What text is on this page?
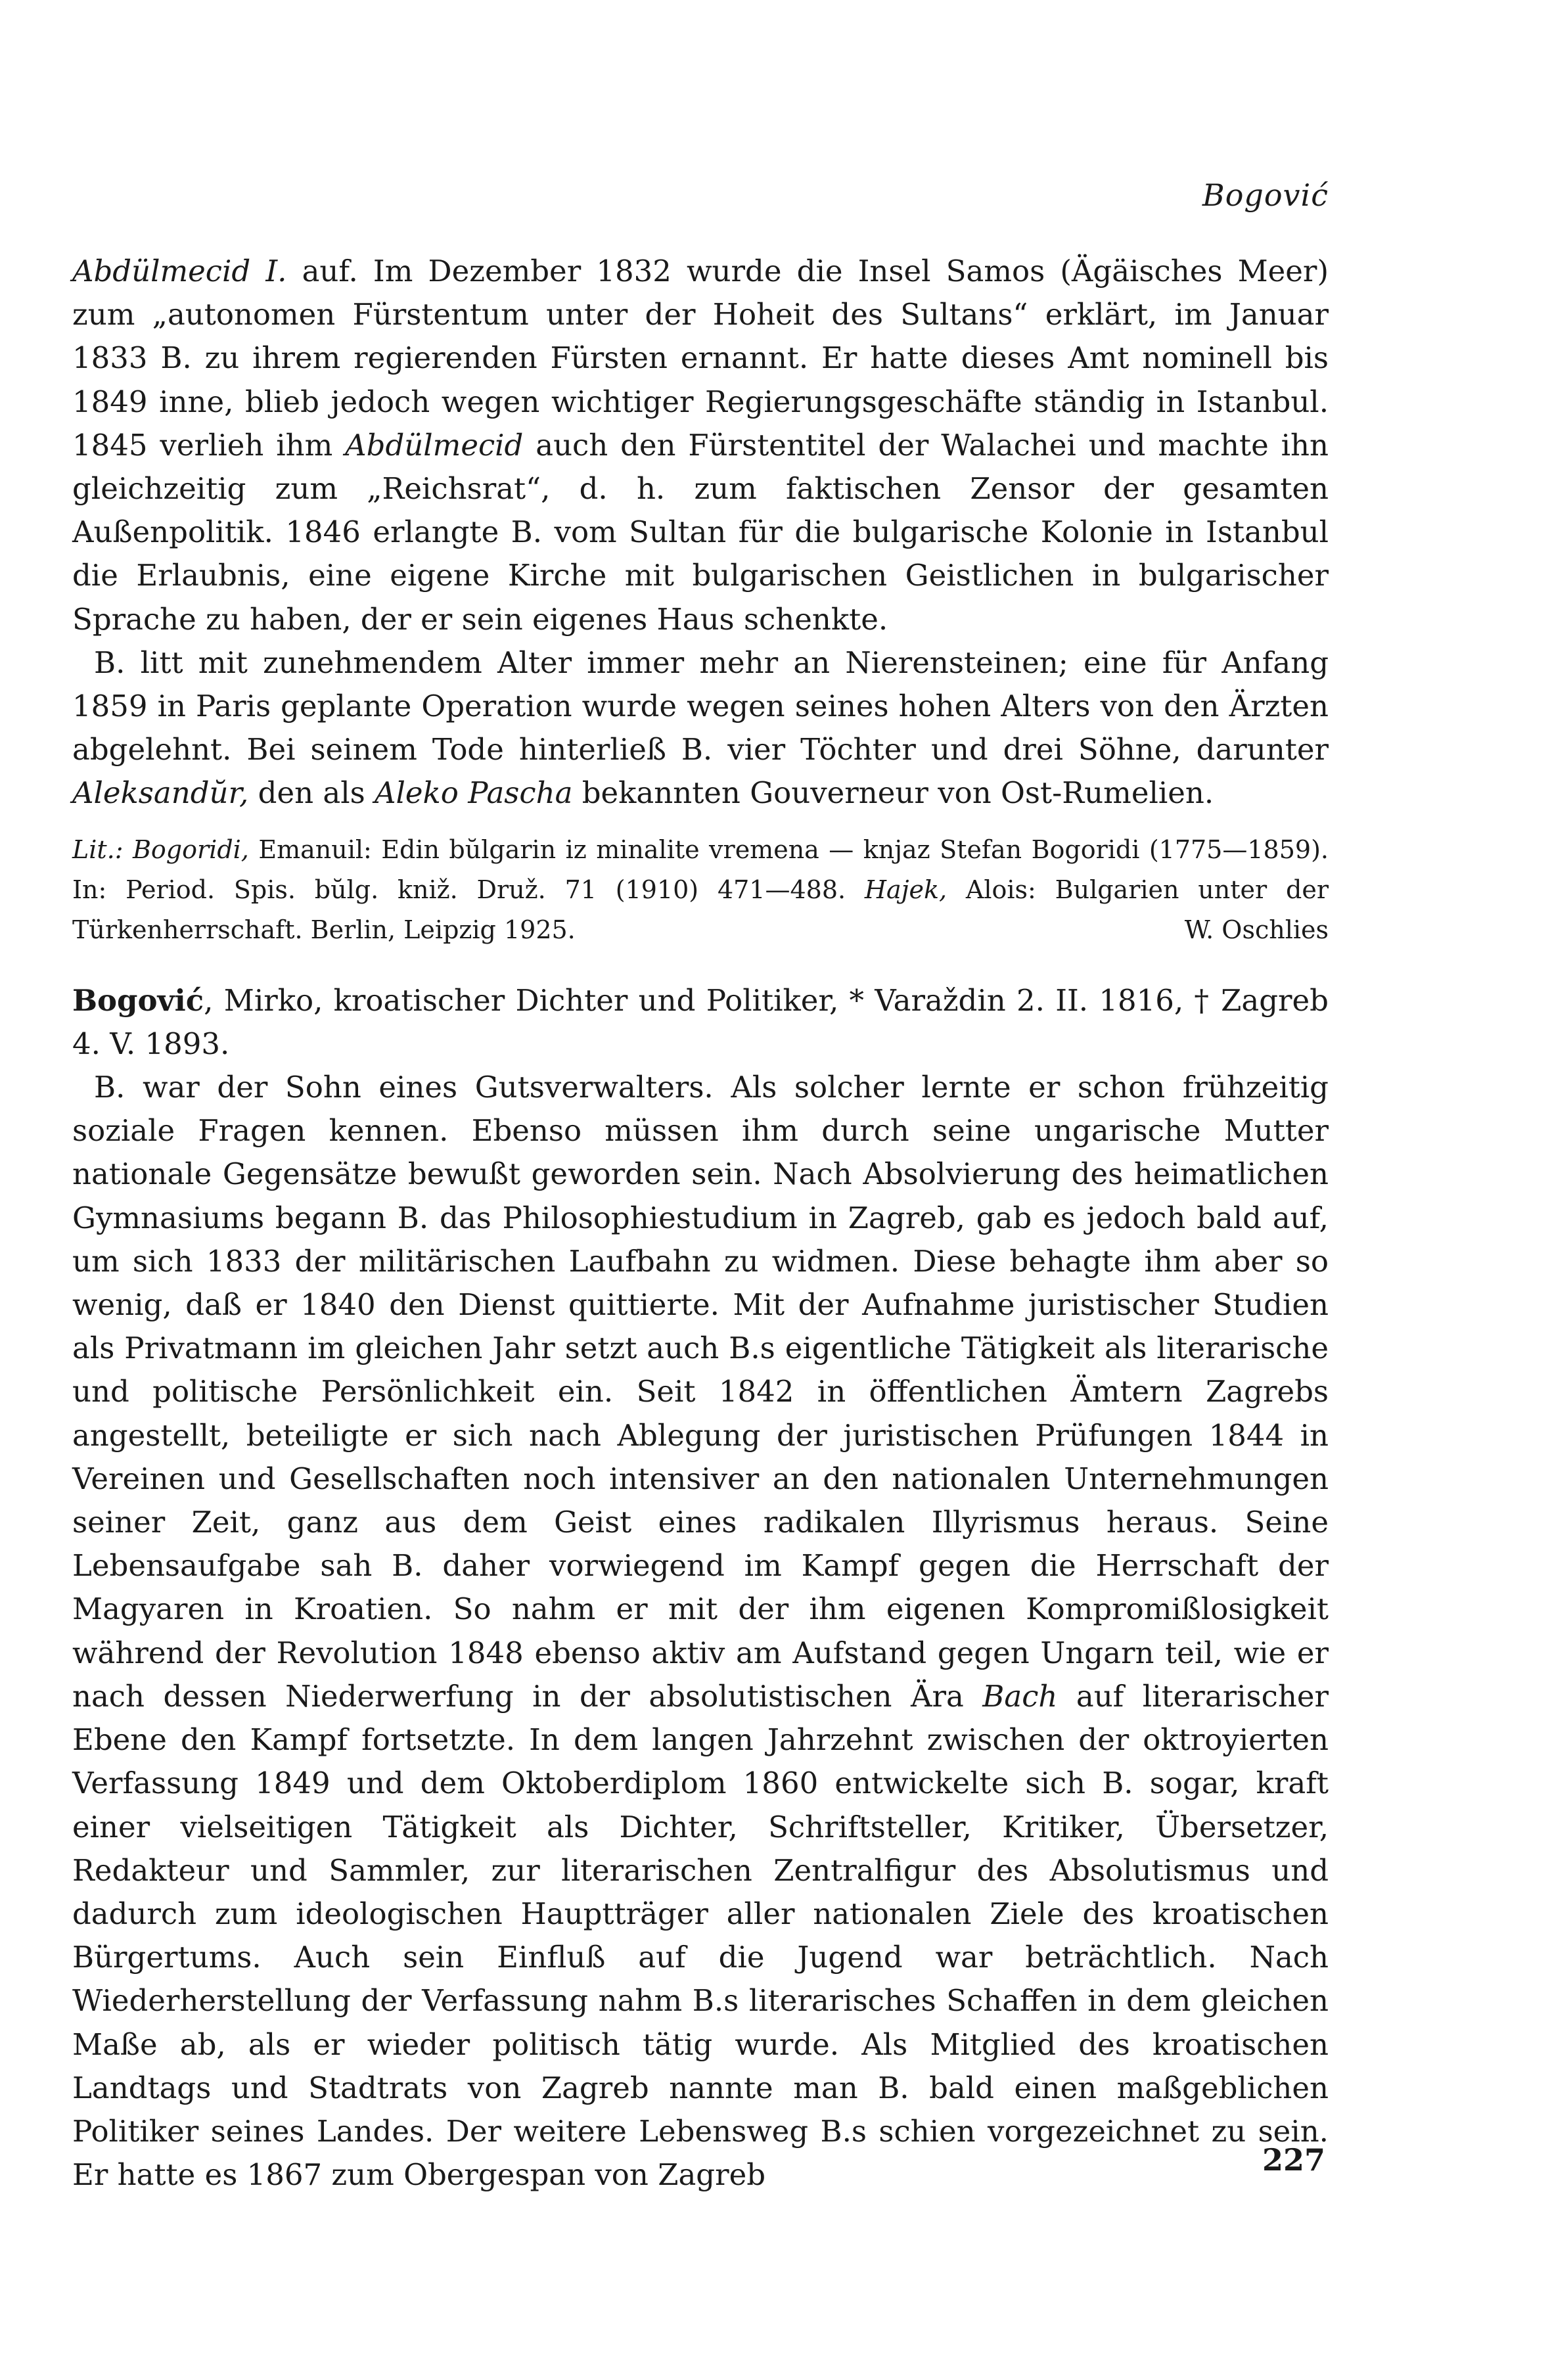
Bogović

Abdülmecid I. auf. Im Dezember 1832 wurde die Insel Samos (Ägäisches Meer) zum „autonomen Fürstentum unter der Hoheit des Sultans“ erklärt, im Januar 1833 B. zu ihrem regierenden Fürsten ernannt. Er hatte dieses Amt nominell bis 1849 inne, blieb jedoch wegen wichtiger Regierungsgeschäfte ständig in Istanbul. 1845 verlieh ihm Abdülmecid auch den Fürstentitel der Walachei und machte ihn gleichzeitig zum „Reichsrat“, d. h. zum faktischen Zensor der gesamten Außenpolitik. 1846 erlangte B. vom Sultan für die bulgarische Kolonie in Istanbul die Erlaubnis, eine eigene Kirche mit bulgarischen Geistlichen in bulgarischer Sprache zu haben, der er sein eigenes Haus schenkte.

B. litt mit zunehmendem Alter immer mehr an Nierensteinen; eine für Anfang 1859 in Paris geplante Operation wurde wegen seines hohen Alters von den Ärzten abgelehnt. Bei seinem Tode hinterließ B. vier Töchter und drei Söhne, darunter Aleksandŭr, den als Aleko Pascha bekannten Gouverneur von Ost-Rumelien.

Lit.: Bogoridi, Emanuil: Edin bŭlgarin iz minalite vremena — knjaz Stefan Bogoridi (1775—1859). In: Period. Spis. bŭlg. kniž. Druž. 71 (1910) 471—488. Hajek, Alois: Bulgarien unter der Türkenherrschaft. Berlin, Leipzig 1925.	W. Oschlies

Bogović, Mirko, kroatischer Dichter und Politiker, * Varaždin 2. II. 1816, † Zagreb 4. V. 1893.

B. war der Sohn eines Gutsverwalters. Als solcher lernte er schon frühzeitig soziale Fragen kennen. Ebenso müssen ihm durch seine ungarische Mutter nationale Gegensätze bewußt geworden sein. Nach Absolvierung des heimatlichen Gymnasiums begann B. das Philosophiestudium in Zagreb, gab es jedoch bald auf, um sich 1833 der militärischen Laufbahn zu widmen. Diese behagte ihm aber so wenig, daß er 1840 den Dienst quittierte. Mit der Aufnahme juristischer Studien als Privatmann im gleichen Jahr setzt auch B.s eigentliche Tätigkeit als literarische und politische Persönlichkeit ein. Seit 1842 in öffentlichen Ämtern Zagrebs angestellt, beteiligte er sich nach Ablegung der juristischen Prüfungen 1844 in Vereinen und Gesellschaften noch intensiver an den nationalen Unternehmungen seiner Zeit, ganz aus dem Geist eines radikalen Illyrismus heraus. Seine Lebensaufgabe sah B. daher vorwiegend im Kampf gegen die Herrschaft der Magyaren in Kroatien. So nahm er mit der ihm eigenen Kompromißlosigkeit während der Revolution 1848 ebenso aktiv am Aufstand gegen Ungarn teil, wie er nach dessen Niederwerfung in der absolutistischen Ära Bach auf literarischer Ebene den Kampf fortsetzte. In dem langen Jahrzehnt zwischen der oktroyierten Verfassung 1849 und dem Oktoberdiplom 1860 entwickelte sich B. sogar, kraft einer vielseitigen Tätigkeit als Dichter, Schriftsteller, Kritiker, Übersetzer, Redakteur und Sammler, zur literarischen Zentralfigur des Absolutismus und dadurch zum ideologischen Hauptträger aller nationalen Ziele des kroatischen Bürgertums. Auch sein Einfluß auf die Jugend war beträchtlich. Nach Wiederherstellung der Verfassung nahm B.s literarisches Schaffen in dem gleichen Maße ab, als er wieder politisch tätig wurde. Als Mitglied des kroatischen Landtags und Stadtrats von Zagreb nannte man B. bald einen maßgeblichen Politiker seines Landes. Der weitere Lebensweg B.s schien vorgezeichnet zu sein. Er hatte es 1867 zum Obergespan von Zagreb	227
